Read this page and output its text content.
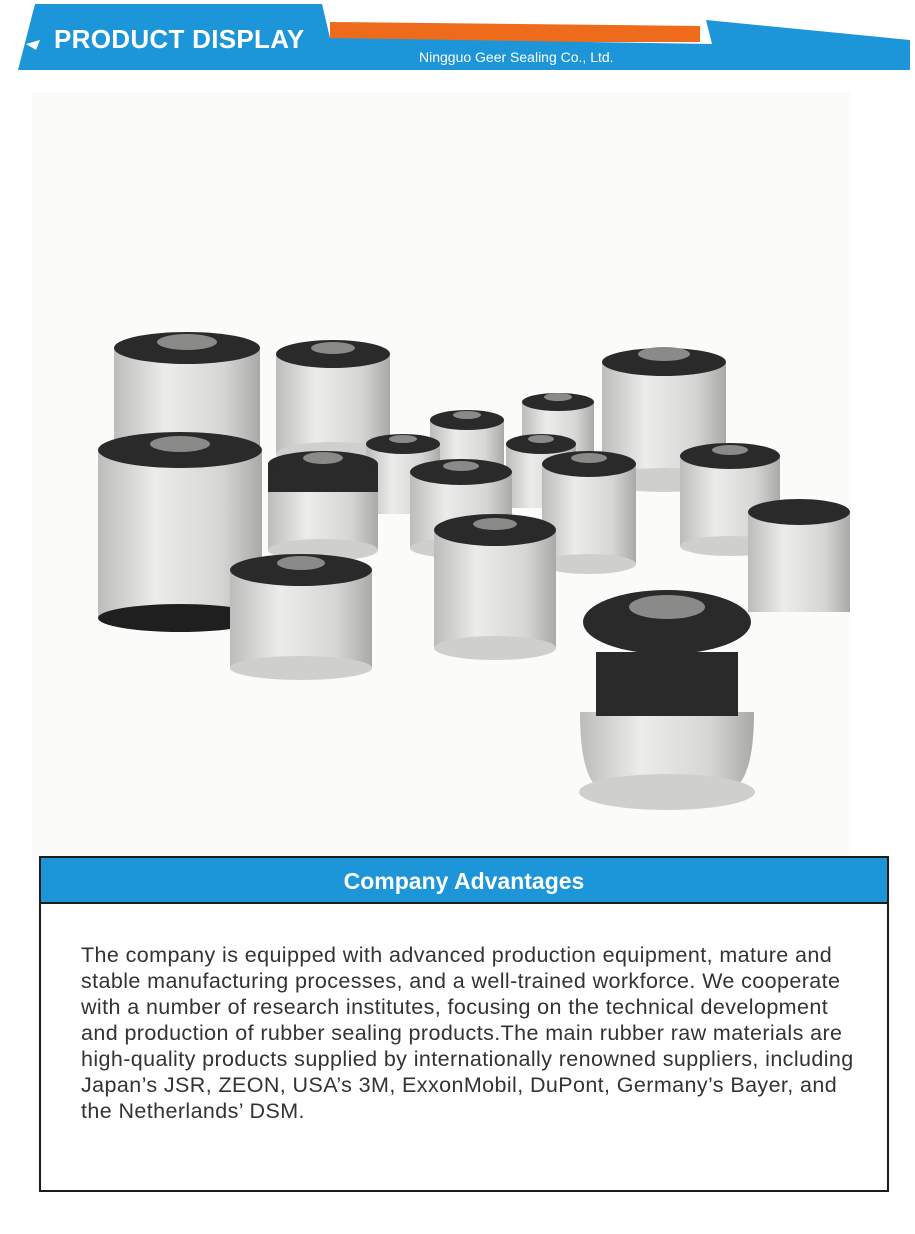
PRODUCT DISPLAY
Ningguo Geer Sealing Co., Ltd.
Company Advantages

The company is equipped with advanced production equipment, mature and stable manufacturing processes, and a well-trained workforce. We cooperate with a number of research institutes, focusing on the technical development and production of rubber sealing products.The main rubber raw materials are high-quality products supplied by internationally renowned suppliers, including Japan’s JSR, ZEON, USA’s 3M, ExxonMobil, DuPont, Germany’s Bayer, and the Netherlands’ DSM.
